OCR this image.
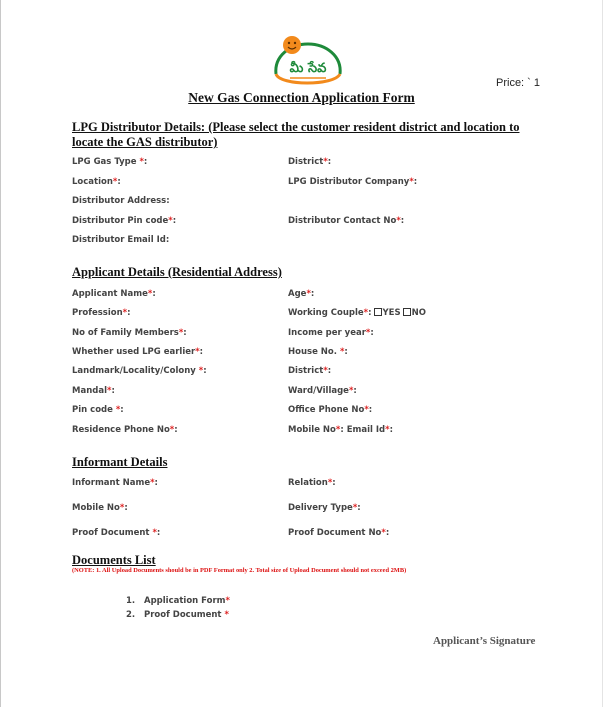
మీ సేవ
Price: ` 1
New Gas Connection Application Form
LPG Distributor Details: (Please select the customer resident district and location to locate the GAS distributor)
LPG Gas Type *:	District*:
Location*:	LPG Distributor Company*:
Distributor Address:
Distributor Pin code*:	Distributor Contact No*:
Distributor Email Id:
Applicant Details (Residential Address)
Applicant Name*:	Age*:
Profession*:	Working Couple*: YES NO
No of Family Members*:	Income per year*:
Whether used LPG earlier*:	House No. *:
Landmark/Locality/Colony *:	District*:
Mandal*:	Ward/Village*:
Pin code *:	Office Phone No*:
Residence Phone No*:	Mobile No*: Email Id*:
Informant Details
Informant Name*:	Relation*:
Mobile No*:	Delivery Type*:
Proof Document *:	Proof Document No*:
Documents List
(NOTE: 1. All Upload Documents should be in PDF Format only 2. Total size of Upload Document should not exceed 2MB)
1. Application Form*
2. Proof Document *
Applicant’s Signature
